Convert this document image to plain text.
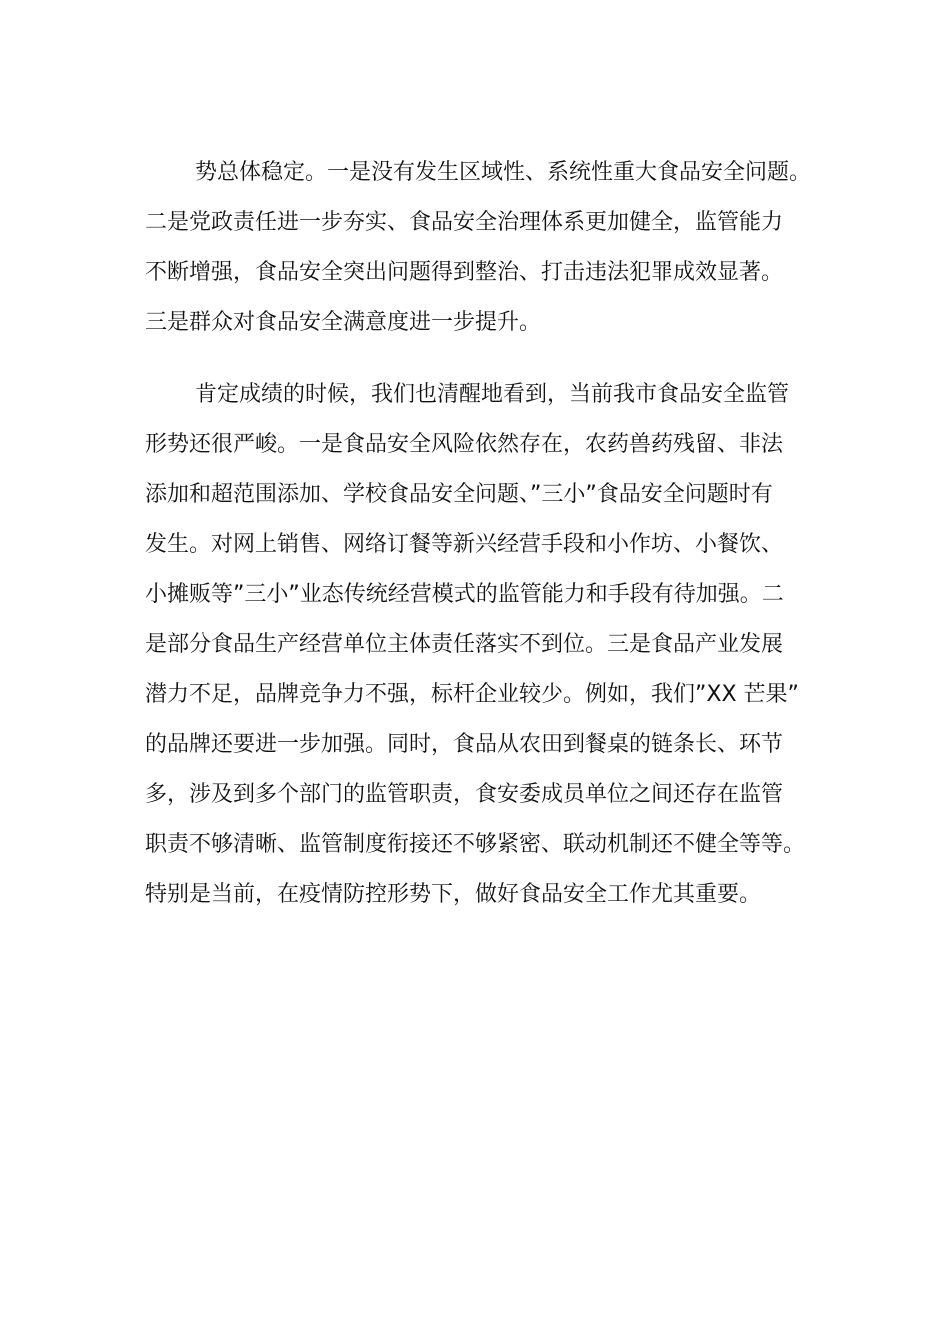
势总体稳定。一是没有发生区域性、系统性重大食品安全问题。
二是党政责任进一步夯实、食品安全治理体系更加健全，监管能力
不断增强，食品安全突出问题得到整治、打击违法犯罪成效显著。
三是群众对食品安全满意度进一步提升。
肯定成绩的时候，我们也清醒地看到，当前我市食品安全监管
形势还很严峻。一是食品安全风险依然存在，农药兽药残留、非法
添加和超范围添加、学校食品安全问题、”三小”食品安全问题时有
发生。对网上销售、网络订餐等新兴经营手段和小作坊、小餐饮、
小摊贩等”三小”业态传统经营模式的监管能力和手段有待加强。二
是部分食品生产经营单位主体责任落实不到位。三是食品产业发展
潜力不足，品牌竞争力不强，标杆企业较少。例如，我们”XX 芒果”
的品牌还要进一步加强。同时，食品从农田到餐桌的链条长、环节
多，涉及到多个部门的监管职责，食安委成员单位之间还存在监管
职责不够清晰、监管制度衔接还不够紧密、联动机制还不健全等等。
特别是当前，在疫情防控形势下，做好食品安全工作尤其重要。
